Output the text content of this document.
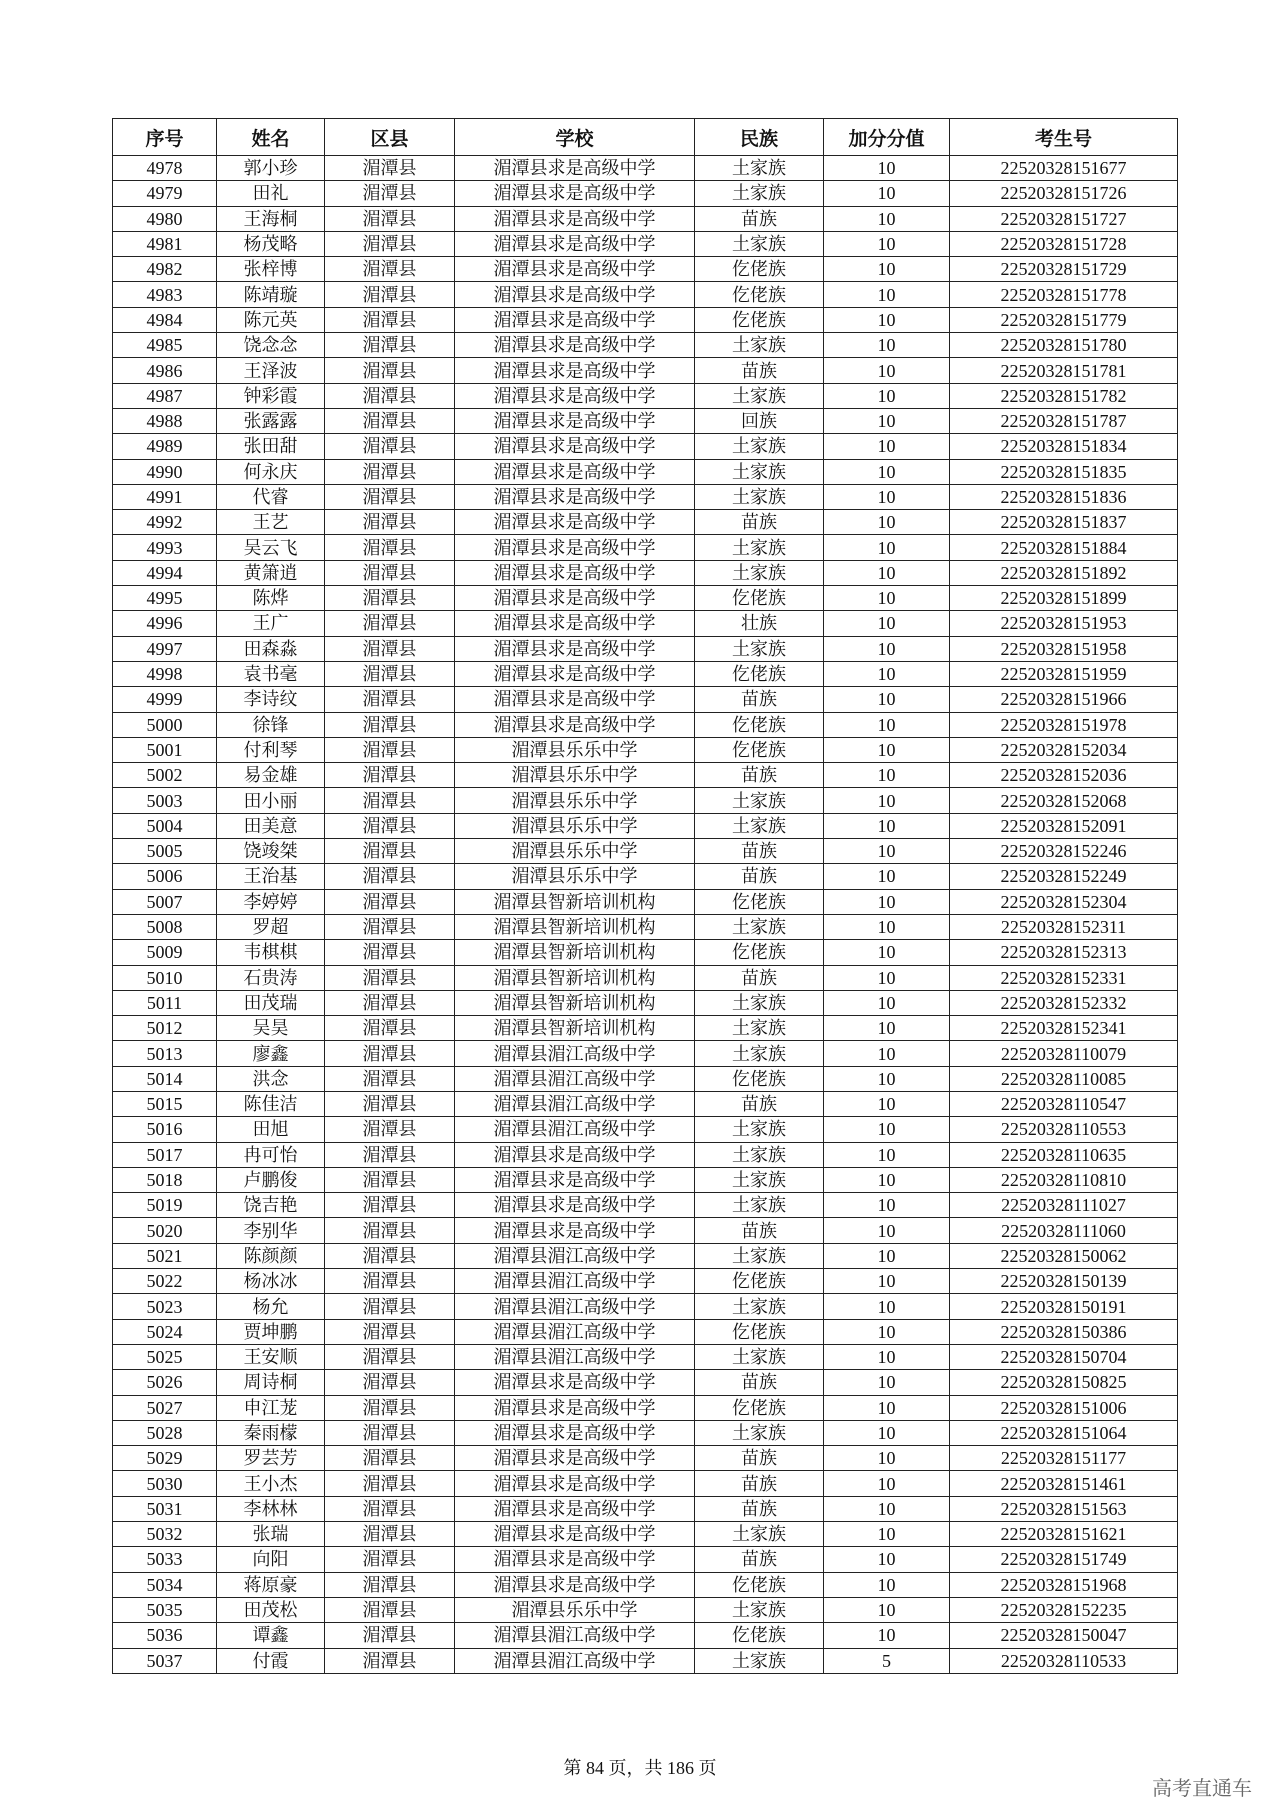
序号	姓名	区县	学校	民族	加分分值	考生号
4978	郭小珍	湄潭县	湄潭县求是高级中学	土家族	10	22520328151677
4979	田礼	湄潭县	湄潭县求是高级中学	土家族	10	22520328151726
4980	王海桐	湄潭县	湄潭县求是高级中学	苗族	10	22520328151727
4981	杨茂略	湄潭县	湄潭县求是高级中学	土家族	10	22520328151728
4982	张梓博	湄潭县	湄潭县求是高级中学	仡佬族	10	22520328151729
4983	陈靖璇	湄潭县	湄潭县求是高级中学	仡佬族	10	22520328151778
4984	陈元英	湄潭县	湄潭县求是高级中学	仡佬族	10	22520328151779
4985	饶念念	湄潭县	湄潭县求是高级中学	土家族	10	22520328151780
4986	王泽波	湄潭县	湄潭县求是高级中学	苗族	10	22520328151781
4987	钟彩霞	湄潭县	湄潭县求是高级中学	土家族	10	22520328151782
4988	张露露	湄潭县	湄潭县求是高级中学	回族	10	22520328151787
4989	张田甜	湄潭县	湄潭县求是高级中学	土家族	10	22520328151834
4990	何永庆	湄潭县	湄潭县求是高级中学	土家族	10	22520328151835
4991	代睿	湄潭县	湄潭县求是高级中学	土家族	10	22520328151836
4992	王艺	湄潭县	湄潭县求是高级中学	苗族	10	22520328151837
4993	吴云飞	湄潭县	湄潭县求是高级中学	土家族	10	22520328151884
4994	黄箫逍	湄潭县	湄潭县求是高级中学	土家族	10	22520328151892
4995	陈烨	湄潭县	湄潭县求是高级中学	仡佬族	10	22520328151899
4996	王广	湄潭县	湄潭县求是高级中学	壮族	10	22520328151953
4997	田森淼	湄潭县	湄潭县求是高级中学	土家族	10	22520328151958
4998	袁书毫	湄潭县	湄潭县求是高级中学	仡佬族	10	22520328151959
4999	李诗纹	湄潭县	湄潭县求是高级中学	苗族	10	22520328151966
5000	徐锋	湄潭县	湄潭县求是高级中学	仡佬族	10	22520328151978
5001	付利琴	湄潭县	湄潭县乐乐中学	仡佬族	10	22520328152034
5002	易金雄	湄潭县	湄潭县乐乐中学	苗族	10	22520328152036
5003	田小丽	湄潭县	湄潭县乐乐中学	土家族	10	22520328152068
5004	田美意	湄潭县	湄潭县乐乐中学	土家族	10	22520328152091
5005	饶竣桀	湄潭县	湄潭县乐乐中学	苗族	10	22520328152246
5006	王治基	湄潭县	湄潭县乐乐中学	苗族	10	22520328152249
5007	李婷婷	湄潭县	湄潭县智新培训机构	仡佬族	10	22520328152304
5008	罗超	湄潭县	湄潭县智新培训机构	土家族	10	22520328152311
5009	韦棋棋	湄潭县	湄潭县智新培训机构	仡佬族	10	22520328152313
5010	石贵涛	湄潭县	湄潭县智新培训机构	苗族	10	22520328152331
5011	田茂瑞	湄潭县	湄潭县智新培训机构	土家族	10	22520328152332
5012	吴昊	湄潭县	湄潭县智新培训机构	土家族	10	22520328152341
5013	廖鑫	湄潭县	湄潭县湄江高级中学	土家族	10	22520328110079
5014	洪念	湄潭县	湄潭县湄江高级中学	仡佬族	10	22520328110085
5015	陈佳洁	湄潭县	湄潭县湄江高级中学	苗族	10	22520328110547
5016	田旭	湄潭县	湄潭县湄江高级中学	土家族	10	22520328110553
5017	冉可怡	湄潭县	湄潭县求是高级中学	土家族	10	22520328110635
5018	卢鹏俊	湄潭县	湄潭县求是高级中学	土家族	10	22520328110810
5019	饶吉艳	湄潭县	湄潭县求是高级中学	土家族	10	22520328111027
5020	李别华	湄潭县	湄潭县求是高级中学	苗族	10	22520328111060
5021	陈颜颜	湄潭县	湄潭县湄江高级中学	土家族	10	22520328150062
5022	杨冰冰	湄潭县	湄潭县湄江高级中学	仡佬族	10	22520328150139
5023	杨允	湄潭县	湄潭县湄江高级中学	土家族	10	22520328150191
5024	贾坤鹏	湄潭县	湄潭县湄江高级中学	仡佬族	10	22520328150386
5025	王安顺	湄潭县	湄潭县湄江高级中学	土家族	10	22520328150704
5026	周诗桐	湄潭县	湄潭县求是高级中学	苗族	10	22520328150825
5027	申江茏	湄潭县	湄潭县求是高级中学	仡佬族	10	22520328151006
5028	秦雨檬	湄潭县	湄潭县求是高级中学	土家族	10	22520328151064
5029	罗芸芳	湄潭县	湄潭县求是高级中学	苗族	10	22520328151177
5030	王小杰	湄潭县	湄潭县求是高级中学	苗族	10	22520328151461
5031	李林林	湄潭县	湄潭县求是高级中学	苗族	10	22520328151563
5032	张瑞	湄潭县	湄潭县求是高级中学	土家族	10	22520328151621
5033	向阳	湄潭县	湄潭县求是高级中学	苗族	10	22520328151749
5034	蒋原豪	湄潭县	湄潭县求是高级中学	仡佬族	10	22520328151968
5035	田茂松	湄潭县	湄潭县乐乐中学	土家族	10	22520328152235
5036	谭鑫	湄潭县	湄潭县湄江高级中学	仡佬族	10	22520328150047
5037	付霞	湄潭县	湄潭县湄江高级中学	土家族	5	22520328110533
第 84 页，共 186 页
高考直通车
